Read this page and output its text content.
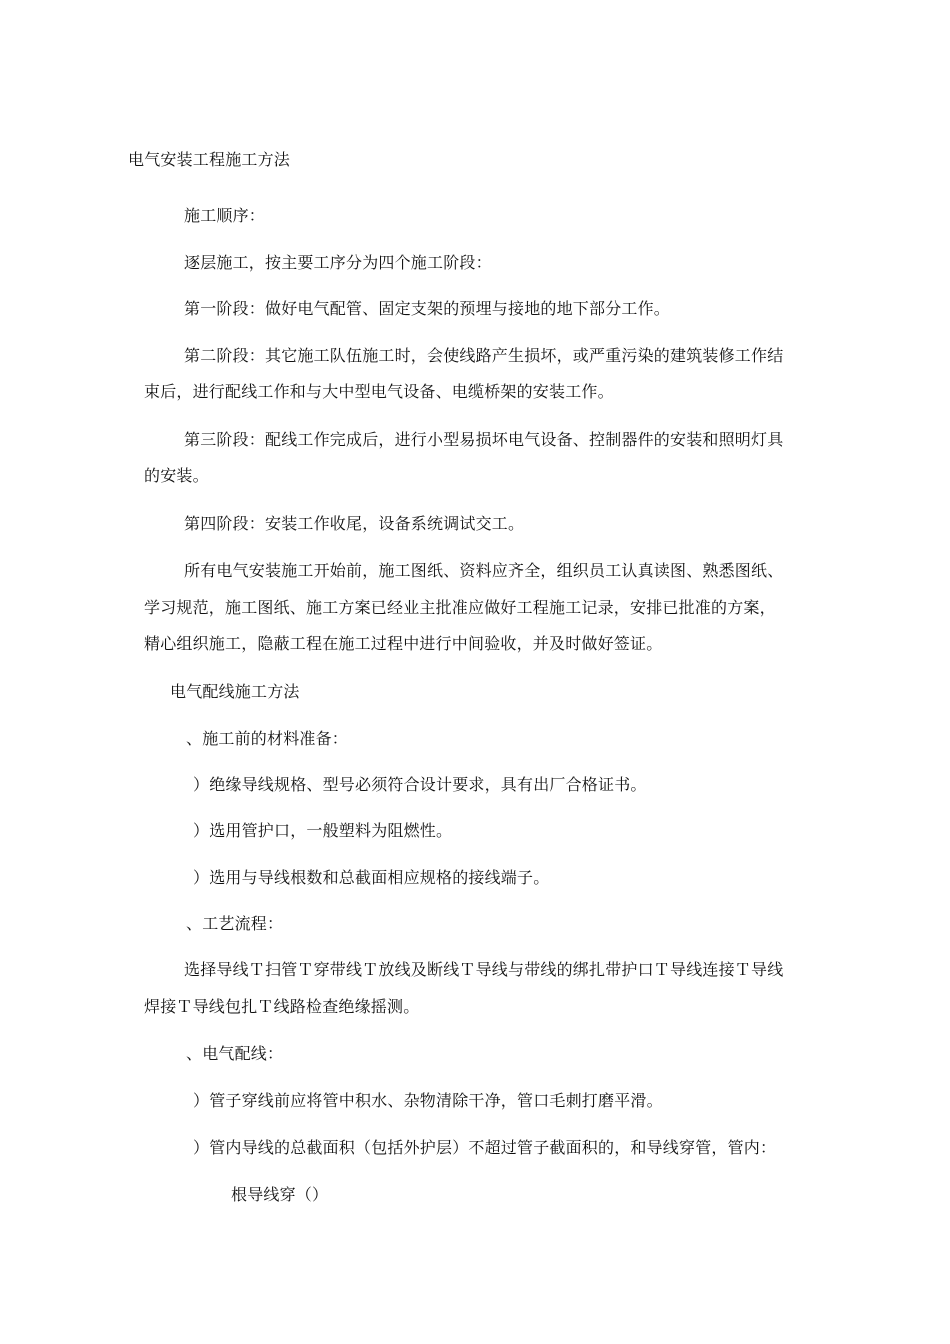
电气安装工程施工方法
施工顺序：
逐层施工，按主要工序分为四个施工阶段：
第一阶段：做好电气配管、固定支架的预埋与接地的地下部分工作。
第二阶段：其它施工队伍施工时，会使线路产生损坏，或严重污染的建筑装修工作结
束后，进行配线工作和与大中型电气设备、电缆桥架的安装工作。
第三阶段：配线工作完成后，进行小型易损坏电气设备、控制器件的安装和照明灯具
的安装。
第四阶段：安装工作收尾，设备系统调试交工。
所有电气安装施工开始前，施工图纸、资料应齐全，组织员工认真读图、熟悉图纸、
学习规范，施工图纸、施工方案已经业主批准应做好工程施工记录，安排已批准的方案，
精心组织施工，隐蔽工程在施工过程中进行中间验收，并及时做好签证。
电气配线施工方法
、施工前的材料准备：
）绝缘导线规格、型号必须符合设计要求，具有出厂合格证书。
）选用管护口，一般塑料为阻燃性。
）选用与导线根数和总截面相应规格的接线端子。
、工艺流程：
选择导线Ｔ扫管Ｔ穿带线Ｔ放线及断线Ｔ导线与带线的绑扎带护口Ｔ导线连接Ｔ导线
焊接Ｔ导线包扎Ｔ线路检查绝缘摇测。
、电气配线：
）管子穿线前应将管中积水、杂物清除干净，管口毛刺打磨平滑。
）管内导线的总截面积（包括外护层）不超过管子截面积的，和导线穿管，管内：
根导线穿（）
